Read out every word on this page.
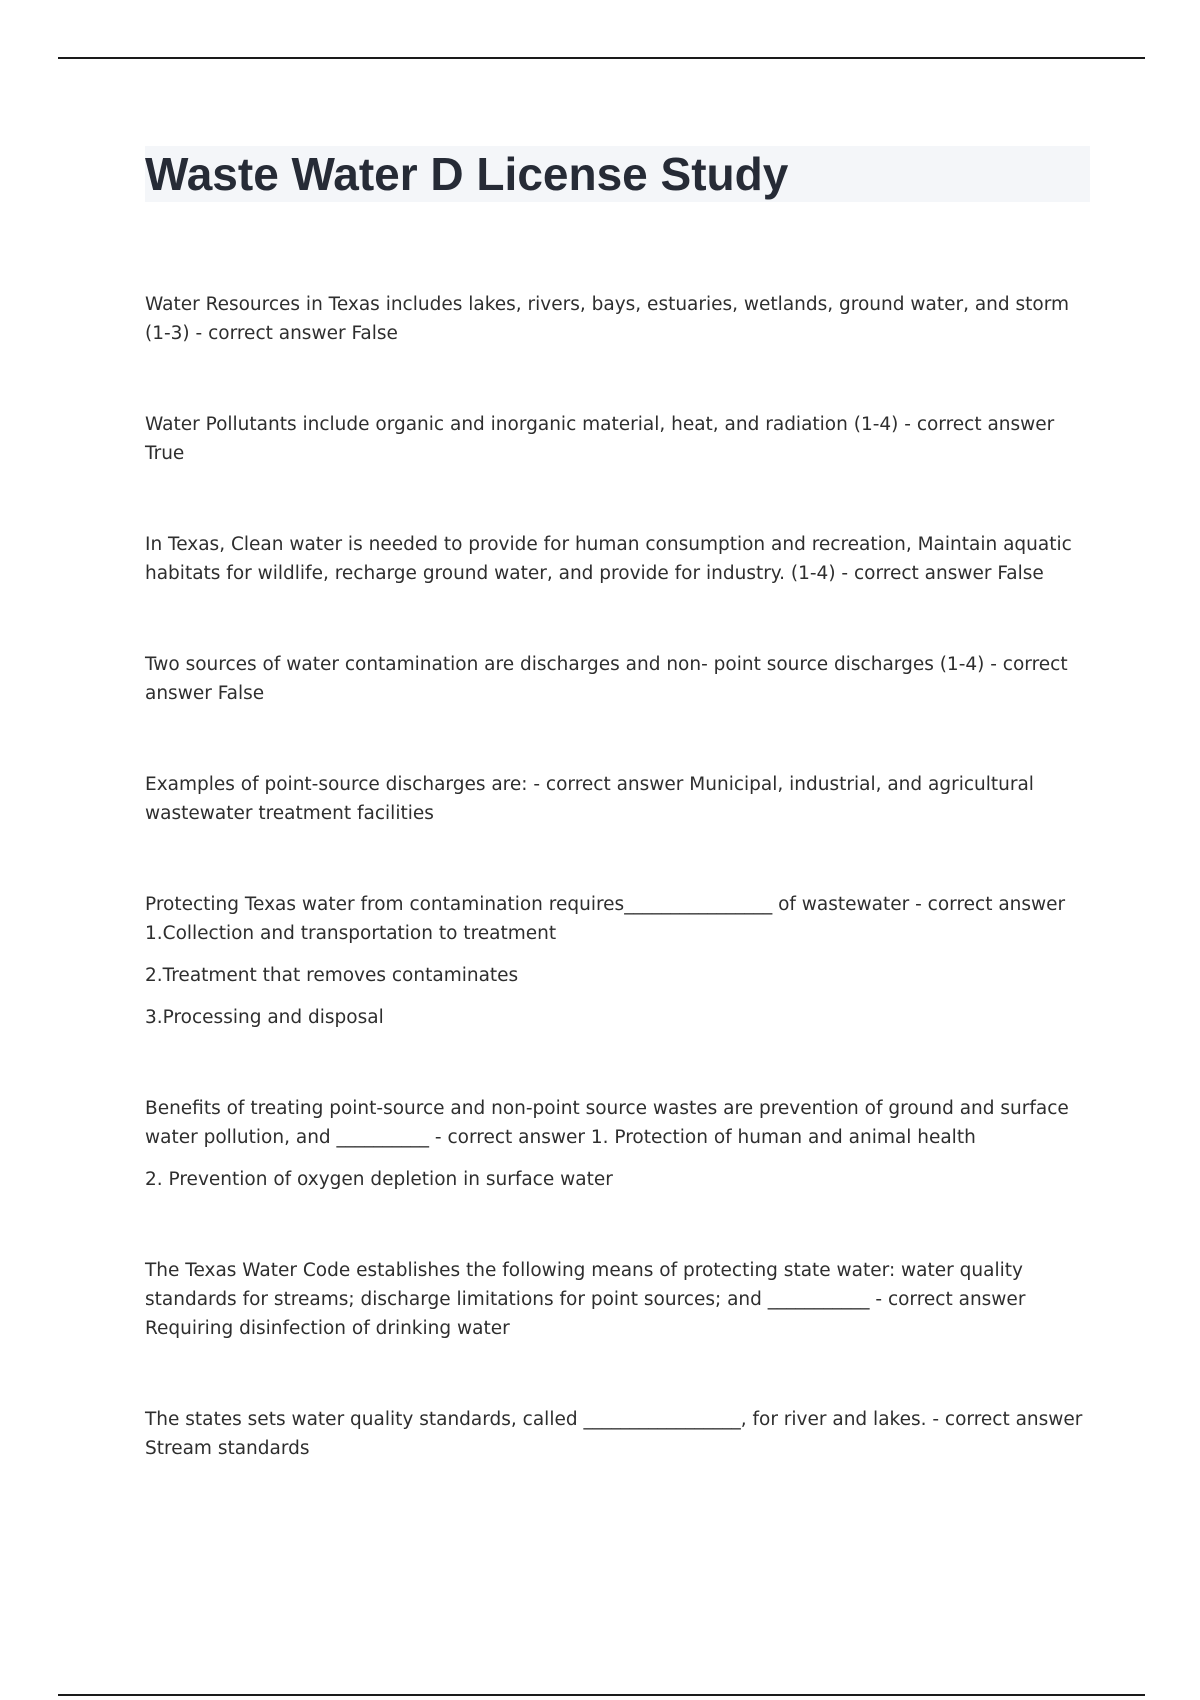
Waste Water D License Study

Water Resources in Texas includes lakes, rivers, bays, estuaries, wetlands, ground water, and storm (1-3) - correct answer False

Water Pollutants include organic and inorganic material, heat, and radiation (1-4) - correct answer True

In Texas, Clean water is needed to provide for human consumption and recreation, Maintain aquatic habitats for wildlife, recharge ground water, and provide for industry. (1-4) - correct answer False

Two sources of water contamination are discharges and non- point source discharges (1-4) - correct answer False

Examples of point-source discharges are: - correct answer Municipal, industrial, and agricultural wastewater treatment facilities

Protecting Texas water from contamination requires________________ of wastewater - correct answer 1.Collection and transportation to treatment

2.Treatment that removes contaminates

3.Processing and disposal

Benefits of treating point-source and non-point source wastes are prevention of ground and surface water pollution, and __________ - correct answer 1. Protection of human and animal health

2. Prevention of oxygen depletion in surface water

The Texas Water Code establishes the following means of protecting state water: water quality standards for streams; discharge limitations for point sources; and ___________ - correct answer Requiring disinfection of drinking water

The states sets water quality standards, called _________________, for river and lakes. - correct answer Stream standards
